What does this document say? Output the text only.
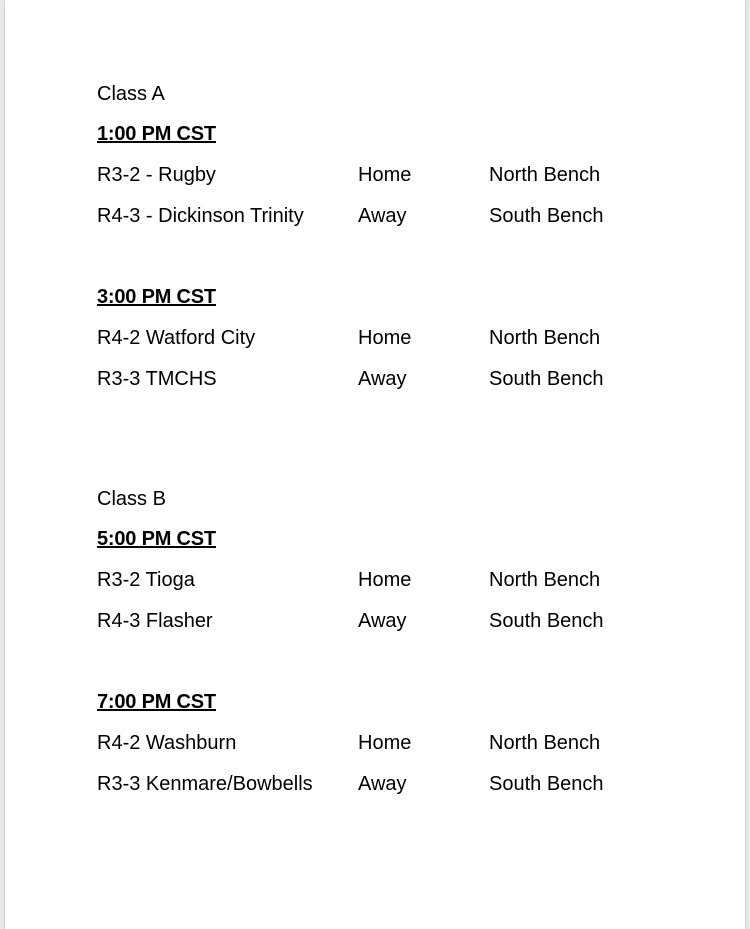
Class A
1:00 PM CST
R3-2 - Rugby	Home	North Bench
R4-3 - Dickinson Trinity	Away	South Bench
3:00 PM CST
R4-2 Watford City	Home	North Bench
R3-3 TMCHS	Away	South Bench
Class B
5:00 PM CST
R3-2 Tioga	Home	North Bench
R4-3 Flasher	Away	South Bench
7:00 PM CST
R4-2 Washburn	Home	North Bench
R3-3 Kenmare/Bowbells Away	South Bench
